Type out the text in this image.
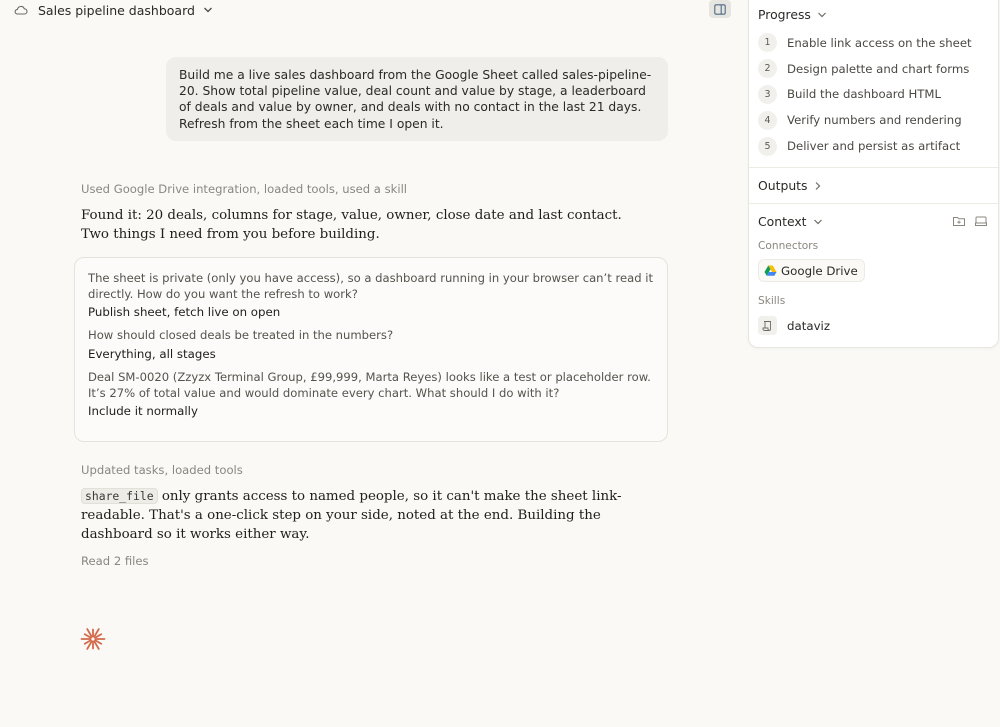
Sales pipeline dashboard
Build me a live sales dashboard from the Google Sheet called sales-pipeline-20. Show total pipeline value, deal count and value by stage, a leaderboard of deals and value by owner, and deals with no contact in the last 21 days. Refresh from the sheet each time I open it.
Used Google Drive integration, loaded tools, used a skill
Found it: 20 deals, columns for stage, value, owner, close date and last contact. Two things I need from you before building.
The sheet is private (only you have access), so a dashboard running in your browser can’t read it directly. How do you want the refresh to work?
Publish sheet, fetch live on open
How should closed deals be treated in the numbers?
Everything, all stages
Deal SM-0020 (Zzyzx Terminal Group, £99,999, Marta Reyes) looks like a test or placeholder row. It’s 27% of total value and would dominate every chart. What should I do with it?
Include it normally
Updated tasks, loaded tools
share_file only grants access to named people, so it can't make the sheet link-readable. That's a one-click step on your side, noted at the end. Building the dashboard so it works either way.
Read 2 files
Progress
1	Enable link access on the sheet
2	Design palette and chart forms
3	Build the dashboard HTML
4	Verify numbers and rendering
5	Deliver and persist as artifact
Outputs
Context
Connectors
Google Drive
Skills
dataviz
